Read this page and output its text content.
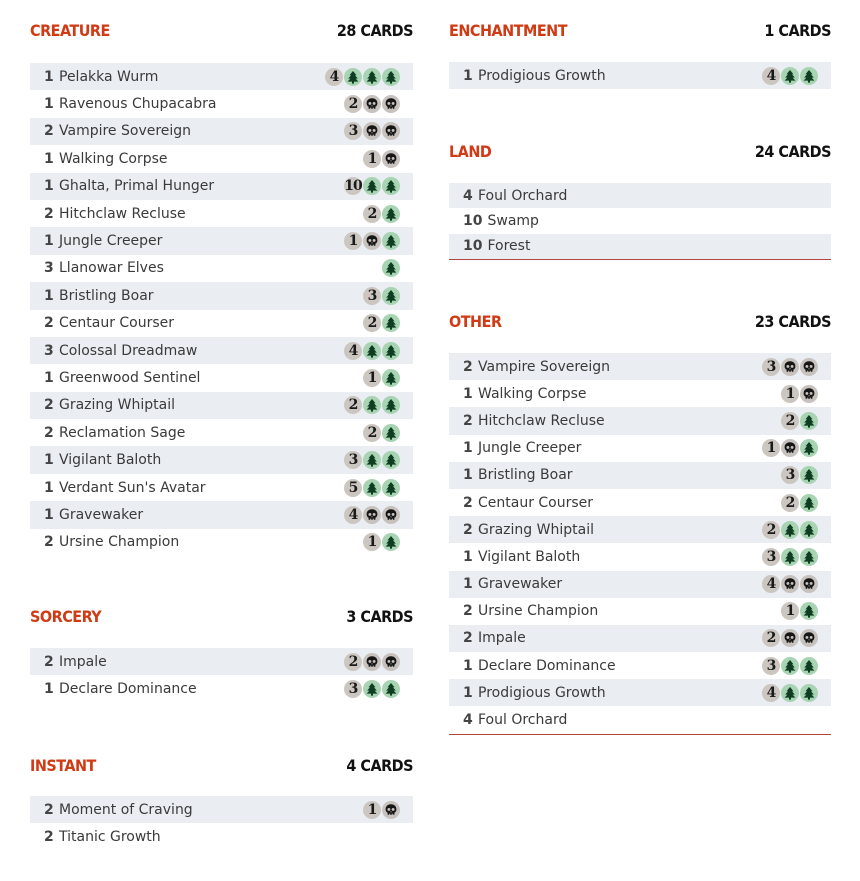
CREATURE	28 CARDS
1 Pelakka Wurm	4
1 Ravenous Chupacabra	2
2 Vampire Sovereign	3
1 Walking Corpse	1
1 Ghalta, Primal Hunger	10
2 Hitchclaw Recluse	2
1 Jungle Creeper	1
3 Llanowar Elves
1 Bristling Boar	3
2 Centaur Courser	2
3 Colossal Dreadmaw	4
1 Greenwood Sentinel	1
2 Grazing Whiptail	2
2 Reclamation Sage	2
1 Vigilant Baloth	3
1 Verdant Sun's Avatar	5
1 Gravewaker	4
2 Ursine Champion	1
SORCERY	3 CARDS
2 Impale	2
1 Declare Dominance	3
INSTANT	4 CARDS
2 Moment of Craving	1
2 Titanic Growth
ENCHANTMENT	1 CARDS
1 Prodigious Growth	4
LAND	24 CARDS
4 Foul Orchard
10 Swamp
10 Forest
OTHER	23 CARDS
2 Vampire Sovereign	3
1 Walking Corpse	1
2 Hitchclaw Recluse	2
1 Jungle Creeper	1
1 Bristling Boar	3
2 Centaur Courser	2
2 Grazing Whiptail	2
1 Vigilant Baloth	3
1 Gravewaker	4
2 Ursine Champion	1
2 Impale	2
1 Declare Dominance	3
1 Prodigious Growth	4
4 Foul Orchard
